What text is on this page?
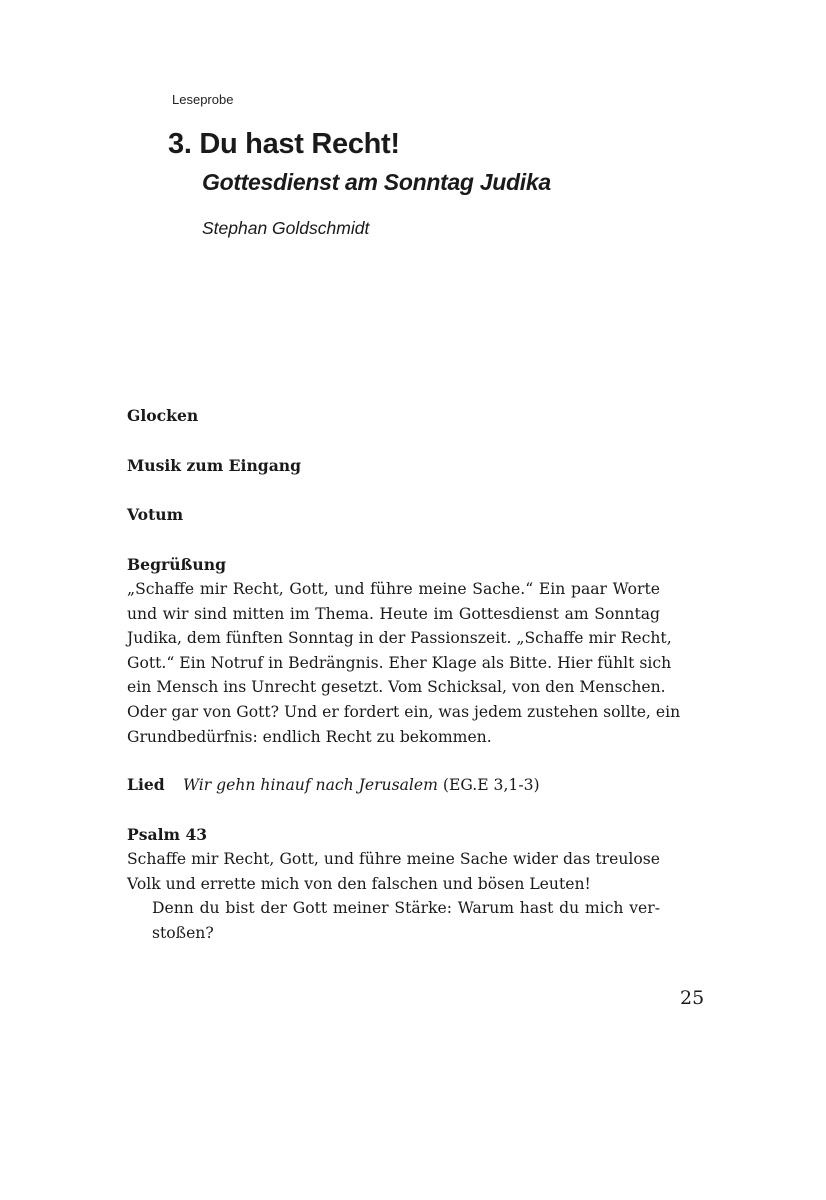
Leseprobe
3. Du hast Recht!
Gottesdienst am Sonntag Judika
Stephan Goldschmidt
Glocken
Musik zum Eingang
Votum
Begrüßung
„Schaffe mir Recht, Gott, und führe meine Sache.“ Ein paar Worte
und wir sind mitten im Thema. Heute im Gottesdienst am Sonntag
Judika, dem fünften Sonntag in der Passionszeit. „Schaffe mir Recht,
Gott.“ Ein Notruf in Bedrängnis. Eher Klage als Bitte. Hier fühlt sich
ein Mensch ins Unrecht gesetzt. Vom Schicksal, von den Menschen.
Oder gar von Gott? Und er fordert ein, was jedem zustehen sollte, ein
Grundbedürfnis: endlich Recht zu bekommen.
Lied Wir gehn hinauf nach Jerusalem (EG.E 3,1-3)
Psalm 43
Schaffe mir Recht, Gott, und führe meine Sache wider das treulose
Volk und errette mich von den falschen und bösen Leuten!
Denn du bist der Gott meiner Stärke: Warum hast du mich ver-
stoßen?
25
